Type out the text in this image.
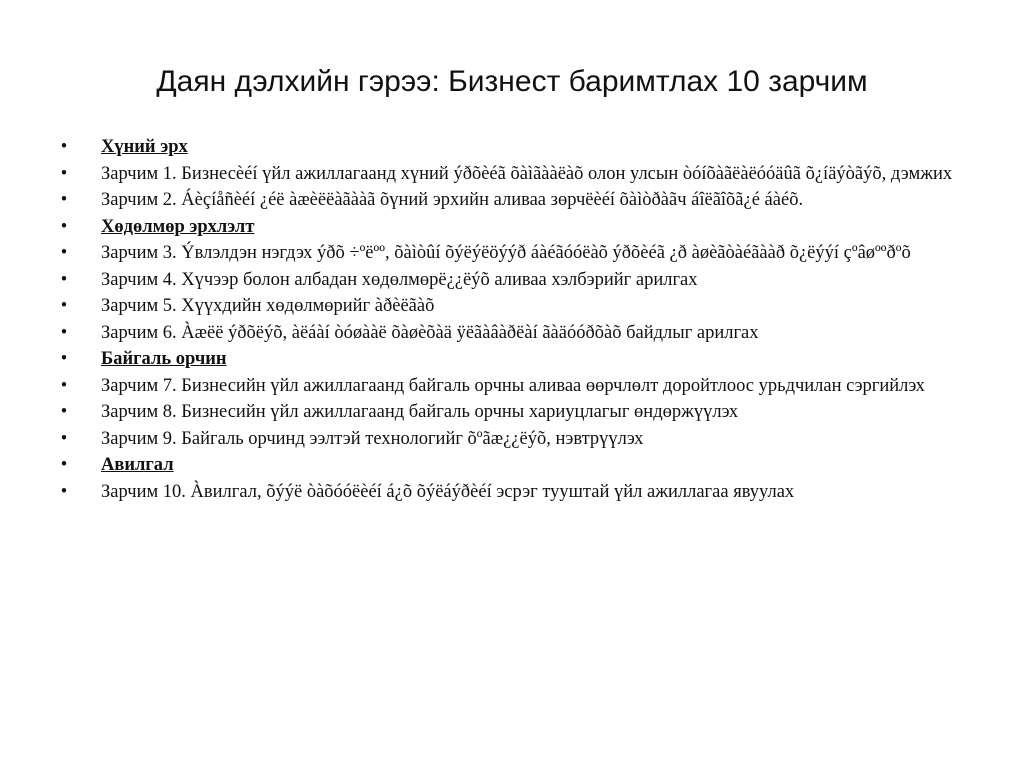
Даян дэлхийн гэрээ: Бизнест баримтлах 10 зарчим
• Хүний эрх
• Зарчим 1. Бизнесèéí үйл ажиллагаанд хүний ýðõèéã õàìãààëàõ олон улсын òóíõàãëàëóóäûã õ¿íäýòãýõ, дэмжих
• Зарчим 2. Áèçíåñèéí ¿éë àæèëëàãààã õүний эрхийн аливаа зөрчëèéí õàìòðàãч áîëãîõã¿é áàéõ.
• Хөдөлмөр эрхлэлт
• Зарчим 3. Ýвлэлдэн нэгдэх ýðõ ÷ºëºº, õàìòûí õýëýëöýýð áàéãóóëàõ ýðõèéã ¿ð àøèãòàéãààð õ¿ëýýí çºâøººðºõ
• Зарчим 4. Хүчээр болон албадан хөдөлмөрë¿¿ëýõ аливаа хэлбэрийг арилгах
• Зарчим 5. Хүүхдийн хөдөлмөрийг àðèëãàõ
• Зарчим 6. Àæëë ýðõëýõ, àëáàí òóøààë õàøèõàä ÿëãàâàðëàí ãàäóóðõàõ байдлыг арилгах
• Байгаль орчин
• Зарчим 7. Бизнесийн үйл ажиллагаанд байгаль орчны аливаа өөрчлөлт доройтлоос урьдчилан сэргийлэх
• Зарчим 8. Бизнесийн үйл ажиллагаанд байгаль орчны хариуцлагыг өндөржүүлэх
• Зарчим 9. Байгаль орчинд ээлтэй технологийг õºãæ¿¿ëýõ, нэвтрүүлэх
• Авилгал
• Зарчим 10. Àвилгал, õýýë òàõóóëèéí á¿õ õýëáýðèéí эсрэг тууштай үйл ажиллагаа явуулах
